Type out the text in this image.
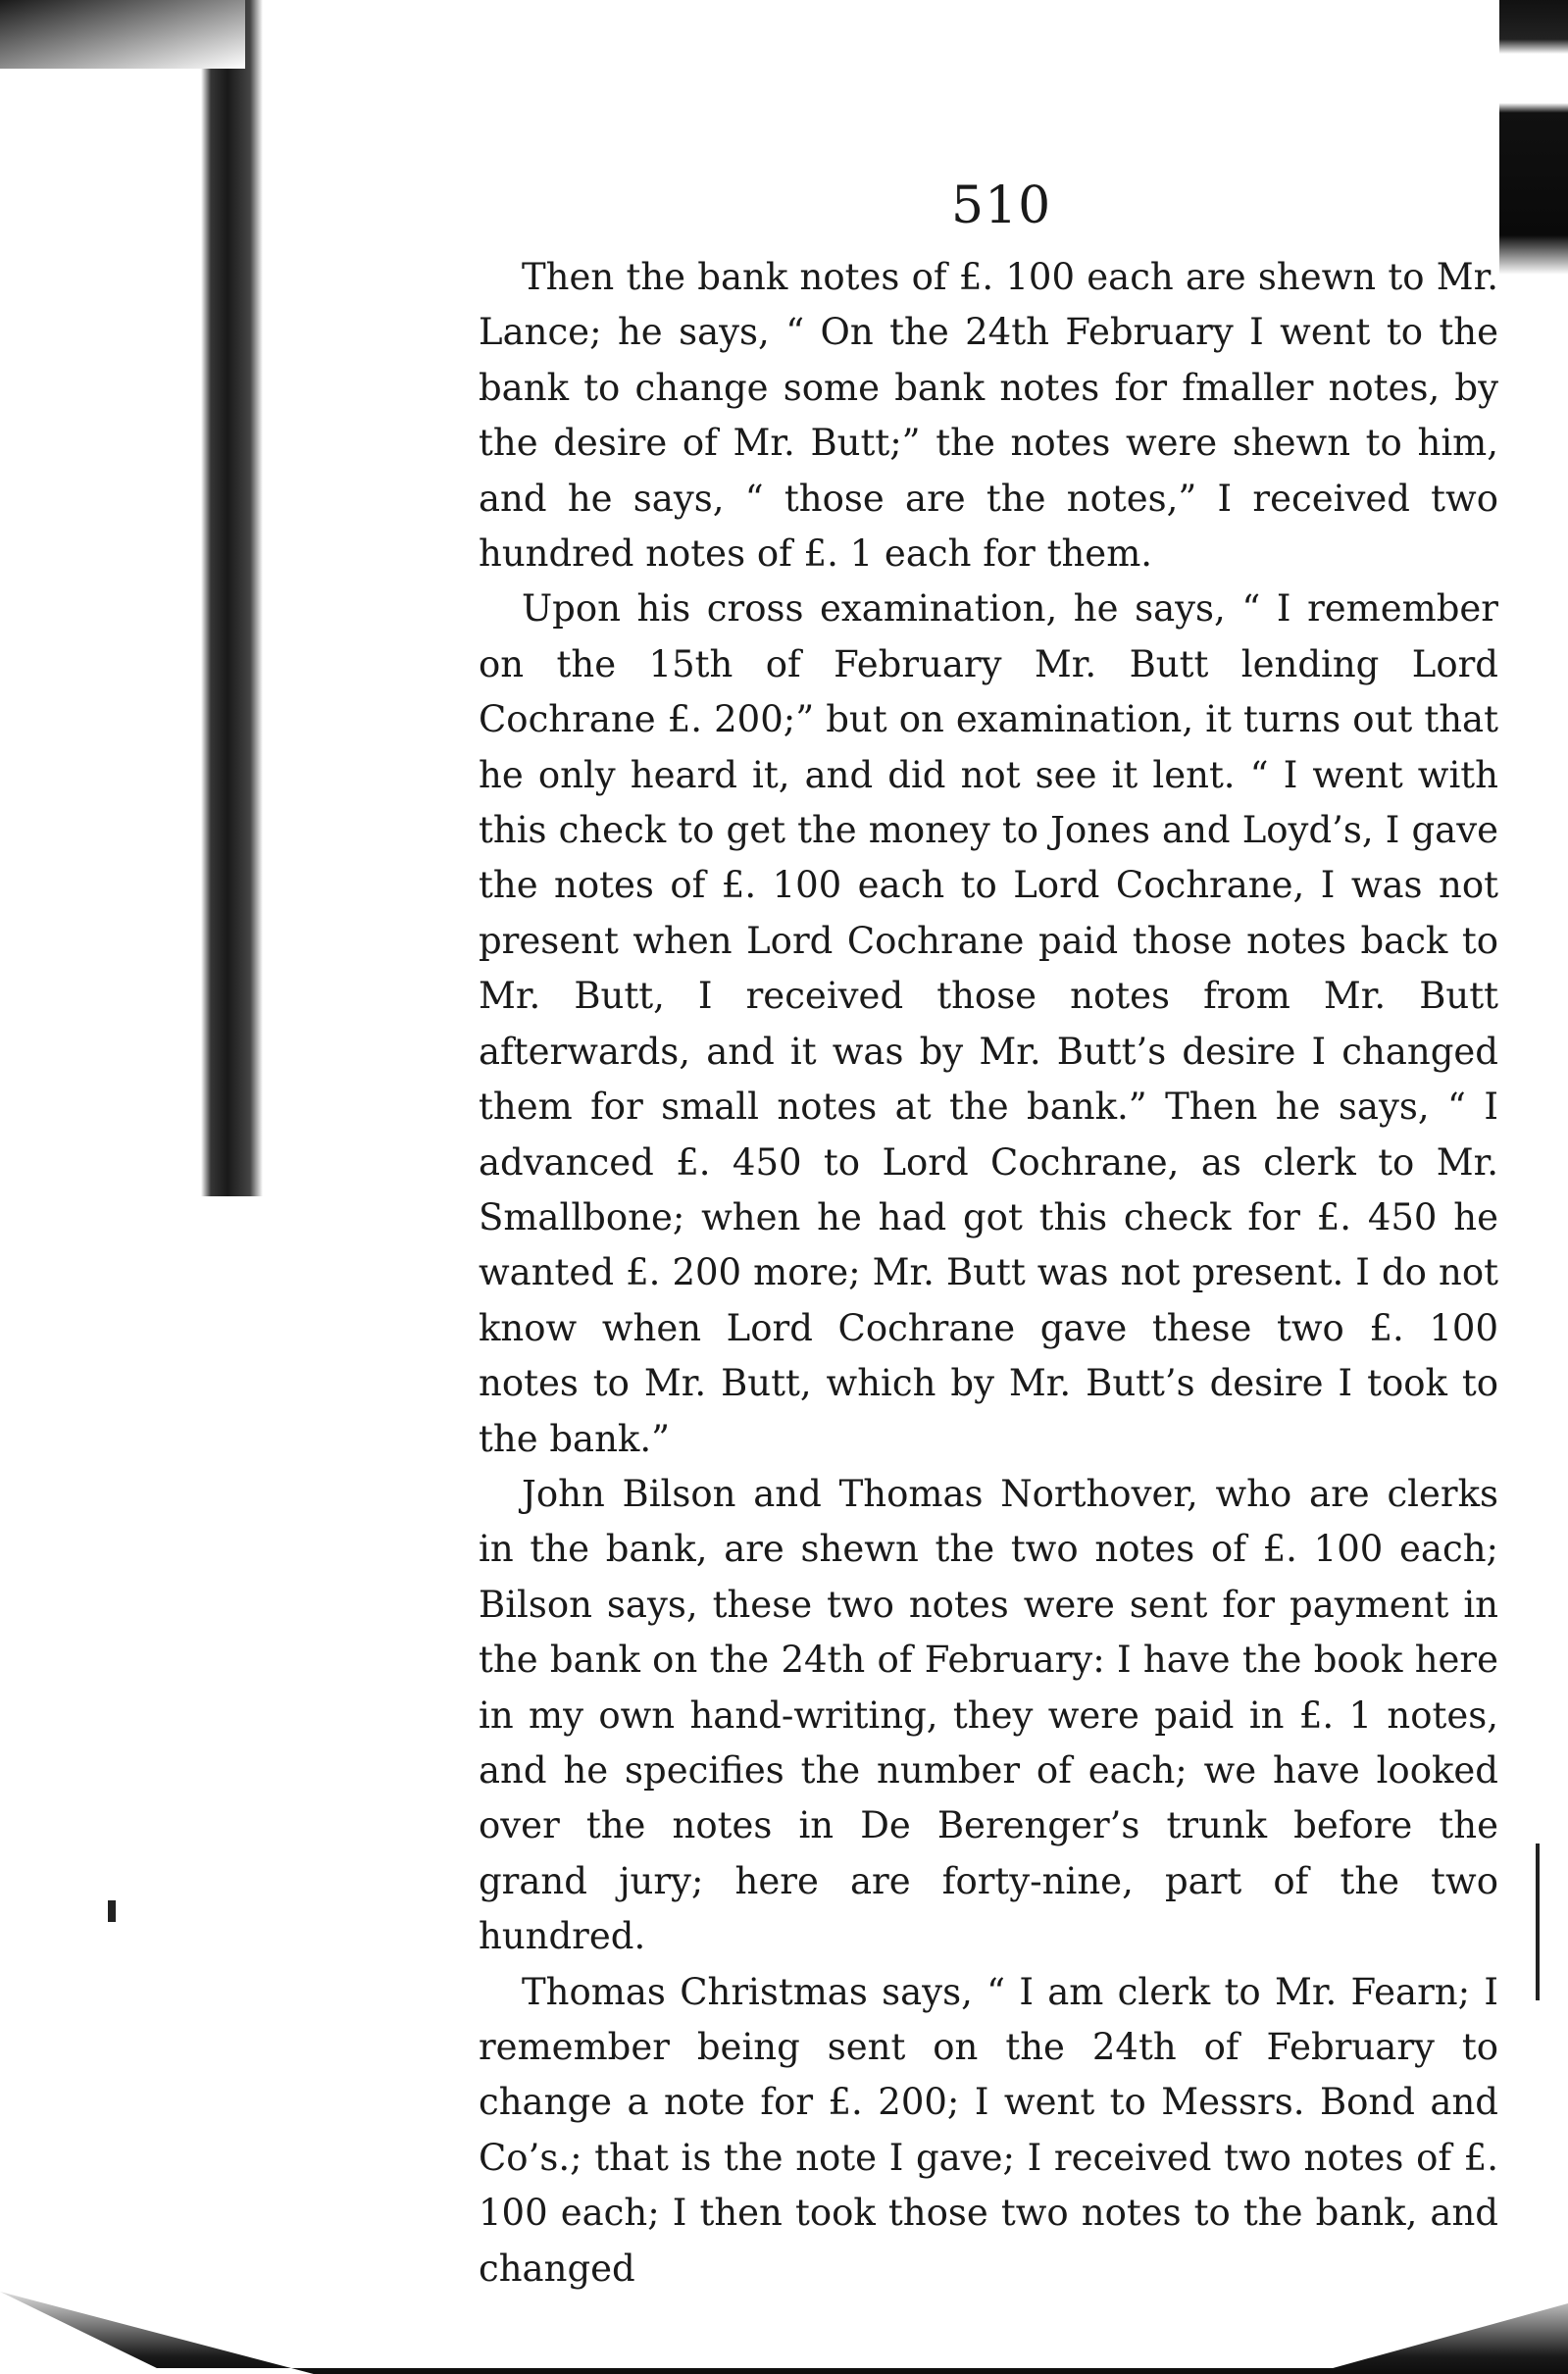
510

Then the bank notes of £. 100 each are shewn to Mr. Lance; he says, “ On the 24th February I went to the bank to change some bank notes for fmaller notes, by the desire of Mr. Butt;” the notes were shewn to him, and he says, “ those are the notes,” I received two hundred notes of £. 1 each for them.

Upon his cross examination, he says, “ I remember on the 15th of February Mr. Butt lending Lord Cochrane £. 200;” but on examination, it turns out that he only heard it, and did not see it lent. “ I went with this check to get the money to Jones and Loyd’s, I gave the notes of £. 100 each to Lord Cochrane, I was not present when Lord Cochrane paid those notes back to Mr. Butt, I received those notes from Mr. Butt afterwards, and it was by Mr. Butt’s desire I changed them for small notes at the bank.” Then he says, “ I advanced £. 450 to Lord Cochrane, as clerk to Mr. Smallbone; when he had got this check for £. 450 he wanted £. 200 more; Mr. Butt was not present. I do not know when Lord Cochrane gave these two £. 100 notes to Mr. Butt, which by Mr. Butt’s desire I took to the bank.”

John Bilson and Thomas Northover, who are clerks in the bank, are shewn the two notes of £. 100 each; Bilson says, these two notes were sent for payment in the bank on the 24th of February: I have the book here in my own hand-writing, they were paid in £. 1 notes, and he specifies the number of each; we have looked over the notes in De Berenger’s trunk before the grand jury; here are forty-nine, part of the two hundred.

Thomas Christmas says, “ I am clerk to Mr. Fearn; I remember being sent on the 24th of February to change a note for £. 200; I went to Messrs. Bond and Co’s.; that is the note I gave; I received two notes of £. 100 each; I then took those two notes to the bank, and changed
